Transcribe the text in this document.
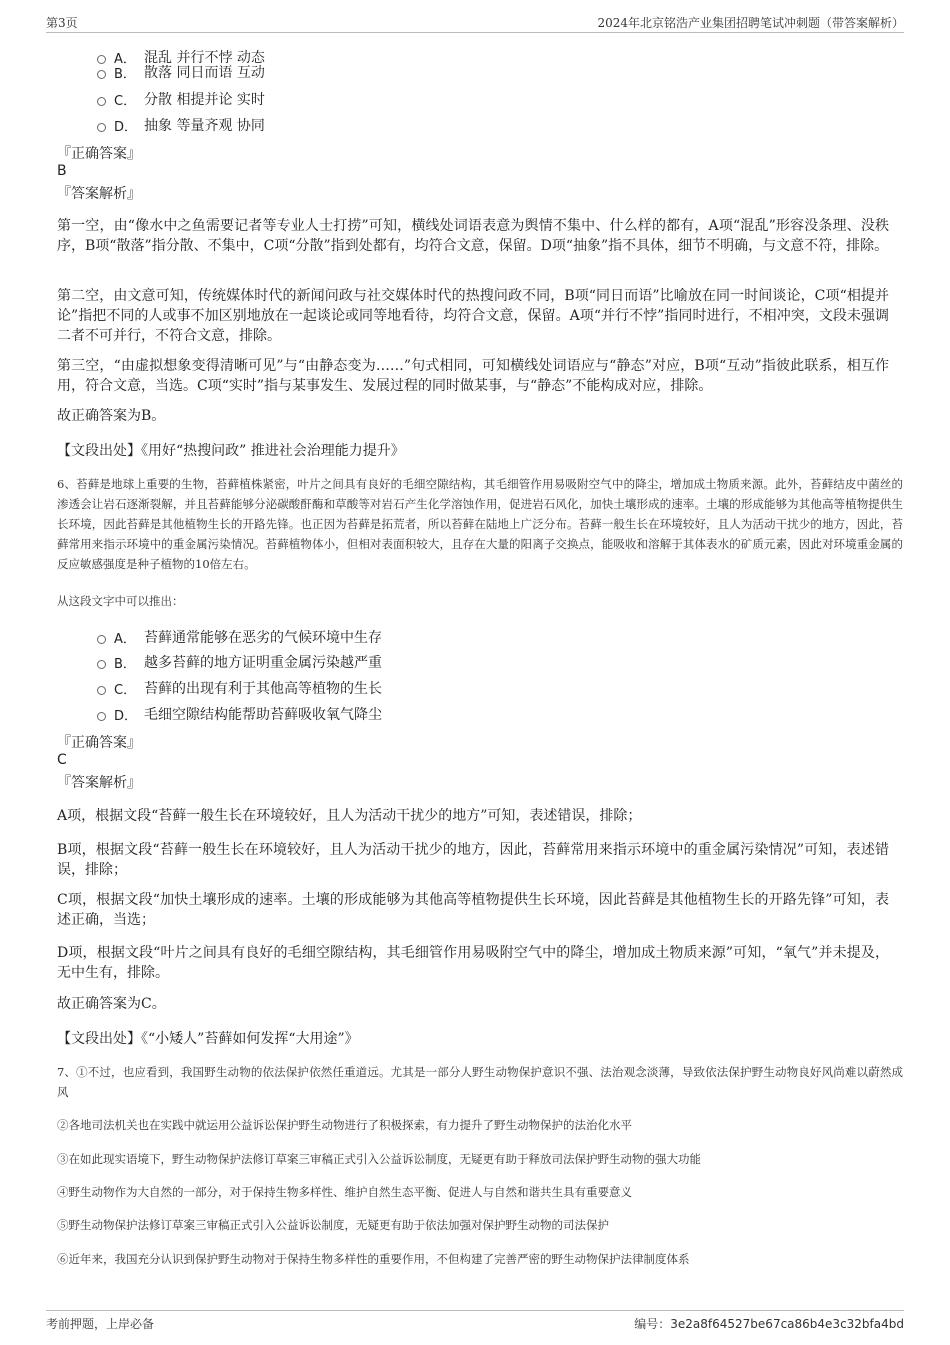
第3页	2024年北京铭浩产业集团招聘笔试冲刺题（带答案解析）
A． 混乱 并行不悖 动态
B． 散落 同日而语 互动
C． 分散 相提并论 实时
D． 抽象 等量齐观 协同
『正确答案』
B
『答案解析』
第一空，由“像水中之鱼需要记者等专业人士打捞”可知，横线处词语表意为舆情不集中、什么样的都有，A项“混乱”形容没条理、没秩序，B项“散落”指分散、不集中，C项“分散”指到处都有，均符合文意，保留。D项“抽象”指不具体，细节不明确，与文意不符，排除。
第二空，由文意可知，传统媒体时代的新闻问政与社交媒体时代的热搜问政不同，B项“同日而语”比喻放在同一时间谈论，C项“相提并论”指把不同的人或事不加区别地放在一起谈论或同等地看待，均符合文意，保留。A项“并行不悖”指同时进行，不相冲突，文段未强调二者不可并行，不符合文意，排除。
第三空，“由虚拟想象变得清晰可见”与“由静态变为……”句式相同，可知横线处词语应与“静态”对应，B项“互动”指彼此联系，相互作用，符合文意，当选。C项“实时”指与某事发生、发展过程的同时做某事，与“静态”不能构成对应，排除。
故正确答案为B。
【文段出处】《用好“热搜问政” 推进社会治理能力提升》
6、苔藓是地球上重要的生物，苔藓植株紧密，叶片之间具有良好的毛细空隙结构，其毛细管作用易吸附空气中的降尘，增加成土物质来源。此外，苔藓结皮中菌丝的渗透会让岩石逐渐裂解，并且苔藓能够分泌碳酸酐酶和草酸等对岩石产生化学溶蚀作用，促进岩石风化，加快土壤形成的速率。土壤的形成能够为其他高等植物提供生长环境，因此苔藓是其他植物生长的开路先锋。也正因为苔藓是拓荒者，所以苔藓在陆地上广泛分布。苔藓一般生长在环境较好，且人为活动干扰少的地方，因此，苔藓常用来指示环境中的重金属污染情况。苔藓植物体小，但相对表面积较大，且存在大量的阳离子交换点，能吸收和溶解于其体表水的矿质元素，因此对环境重金属的反应敏感强度是种子植物的10倍左右。
从这段文字中可以推出：
A． 苔藓通常能够在恶劣的气候环境中生存
B． 越多苔藓的地方证明重金属污染越严重
C． 苔藓的出现有利于其他高等植物的生长
D． 毛细空隙结构能帮助苔藓吸收氧气降尘
『正确答案』
C
『答案解析』
A项，根据文段“苔藓一般生长在环境较好，且人为活动干扰少的地方”可知，表述错误，排除；
B项，根据文段“苔藓一般生长在环境较好，且人为活动干扰少的地方，因此，苔藓常用来指示环境中的重金属污染情况”可知，表述错误，排除；
C项，根据文段“加快土壤形成的速率。土壤的形成能够为其他高等植物提供生长环境，因此苔藓是其他植物生长的开路先锋”可知，表述正确，当选；
D项，根据文段“叶片之间具有良好的毛细空隙结构，其毛细管作用易吸附空气中的降尘，增加成土物质来源”可知，“氧气”并未提及，无中生有，排除。
故正确答案为C。
【文段出处】《“小矮人”苔藓如何发挥“大用途”》
7、①不过，也应看到，我国野生动物的依法保护依然任重道远。尤其是一部分人野生动物保护意识不强、法治观念淡薄，导致依法保护野生动物良好风尚难以蔚然成风
②各地司法机关也在实践中就运用公益诉讼保护野生动物进行了积极探索，有力提升了野生动物保护的法治化水平
③在如此现实语境下，野生动物保护法修订草案三审稿正式引入公益诉讼制度，无疑更有助于释放司法保护野生动物的强大功能
④野生动物作为大自然的一部分，对于保持生物多样性、维护自然生态平衡、促进人与自然和谐共生具有重要意义
⑤野生动物保护法修订草案三审稿正式引入公益诉讼制度，无疑更有助于依法加强对保护野生动物的司法保护
⑥近年来，我国充分认识到保护野生动物对于保持生物多样性的重要作用，不但构建了完善严密的野生动物保护法律制度体系
考前押题，上岸必备	编号：3e2a8f64527be67ca86b4e3c32bfa4bd
